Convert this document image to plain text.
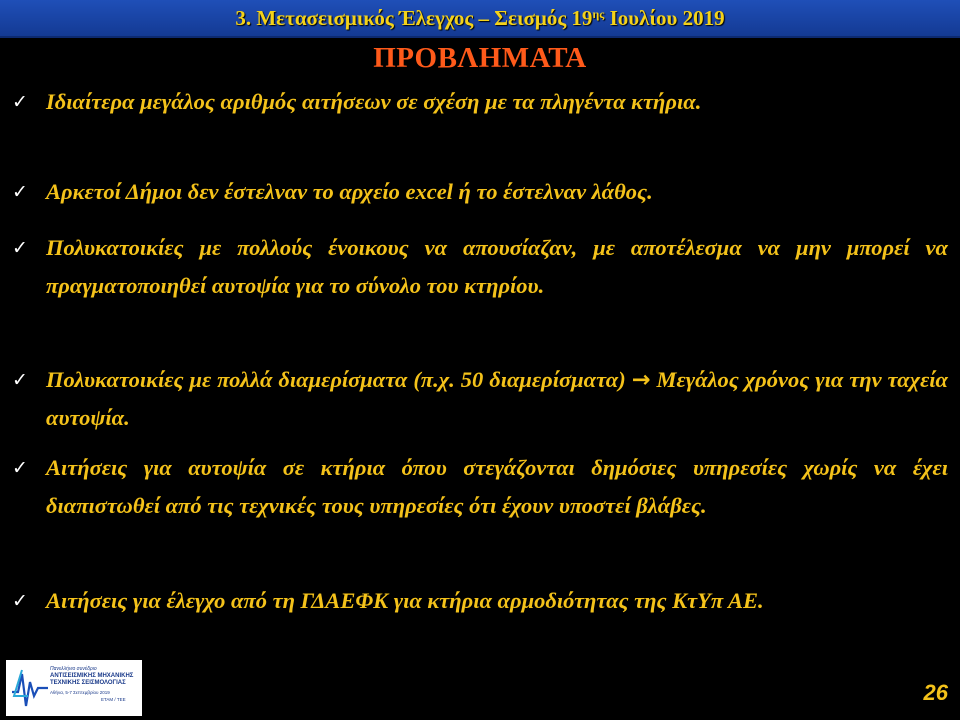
3. Μετασεισμικός Έλεγχος – Σεισμός $19^{\eta\varsigma}$ Ιουλίου 2019
ΠΡΟΒΛΗΜΑΤΑ
✓ Ιδιαίτερα μεγάλος αριθμός αιτήσεων σε σχέση με τα πληγέντα κτήρια.
✓ Αρκετοί Δήμοι δεν έστελναν το αρχείο excel ή το έστελναν λάθος.
✓ Πολυκατοικίες με πολλούς ένοικους να απουσίαζαν, με αποτέλεσμα να μην μπορεί να πραγματοποιηθεί αυτοψία για το σύνολο του κτηρίου.
✓ Πολυκατοικίες με πολλά διαμερίσματα (π.χ. 50 διαμερίσματα) → Μεγάλος χρόνος για την ταχεία αυτοψία.
✓ Αιτήσεις για αυτοψία σε κτήρια όπου στεγάζονται δημόσιες υπηρεσίες χωρίς να έχει διαπιστωθεί από τις τεχνικές τους υπηρεσίες ότι έχουν υποστεί βλάβες.
✓ Αιτήσεις για έλεγχο από τη ΓΔΑΕΦΚ για κτήρια αρμοδιότητας της ΚτΥπ ΑΕ.
Πανελλήνιο συνέδριο
ΑΝΤΙΣΕΙΣΜΙΚΗΣ ΜΗΧΑΝΙΚΗΣ
ΤΕΧΝΙΚΗΣ ΣΕΙΣΜΟΛΟΓΙΑΣ
Αθήνα, 5-7 Σεπτεμβρίου 2019
ΕΤΑΜ / ΤΕΕ	26
